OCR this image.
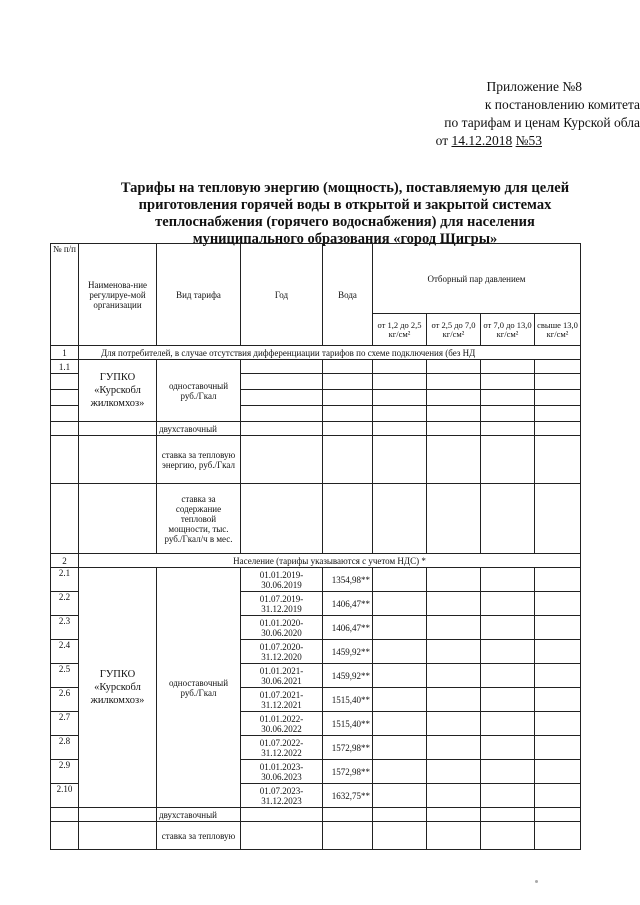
Приложение №8
к постановлению комитета
по тарифам и ценам Курской обла
от 14.12.2018 №53
Тарифы на тепловую энергию (мощность), поставляемую для целей приготовления горячей воды в открытой и закрытой системах теплоснабжения (горячего водоснабжения) для населения муниципального образования «город Щигры»
№ п/п	Наименова-ние регулируе-мой организации	Вид тарифа	Год	Вода	Отборный пар давлением			
					от 1,2 до 2,5 кг/см²	от 2,5 до 7,0 кг/см²	от 7,0 до 13,0 кг/см²	свыше 13,0 кг/см²
1	Для потребителей, в случае отсутствия дифференциации тарифов по схеме подключения (без НД							
1.1	ГУПКО «Курскобл жилкомхоз»	одноставочный руб./Гкал						

		двухставочный						
		ставка за тепловую энергию, руб./Гкал						
		ставка за содержание тепловой мощности, тыс. руб./Гкал/ч в мес.						
2	Население (тарифы указываются с учетом НДС) *							
2.1	ГУПКО «Курскобл жилкомхоз»	одноставочный руб./Гкал	01.01.2019-30.06.2019	1354,98**				
2.2			01.07.2019-31.12.2019	1406,47**				
2.3			01.01.2020-30.06.2020	1406,47**				
2.4			01.07.2020-31.12.2020	1459,92**				
2.5			01.01.2021-30.06.2021	1459,92**				
2.6			01.07.2021-31.12.2021	1515,40**				
2.7			01.01.2022-30.06.2022	1515,40**				
2.8			01.07.2022-31.12.2022	1572,98**				
2.9			01.01.2023-30.06.2023	1572,98**				
2.10			01.07.2023-31.12.2023	1632,75**				
		двухставочный						
		ставка за тепловую						
